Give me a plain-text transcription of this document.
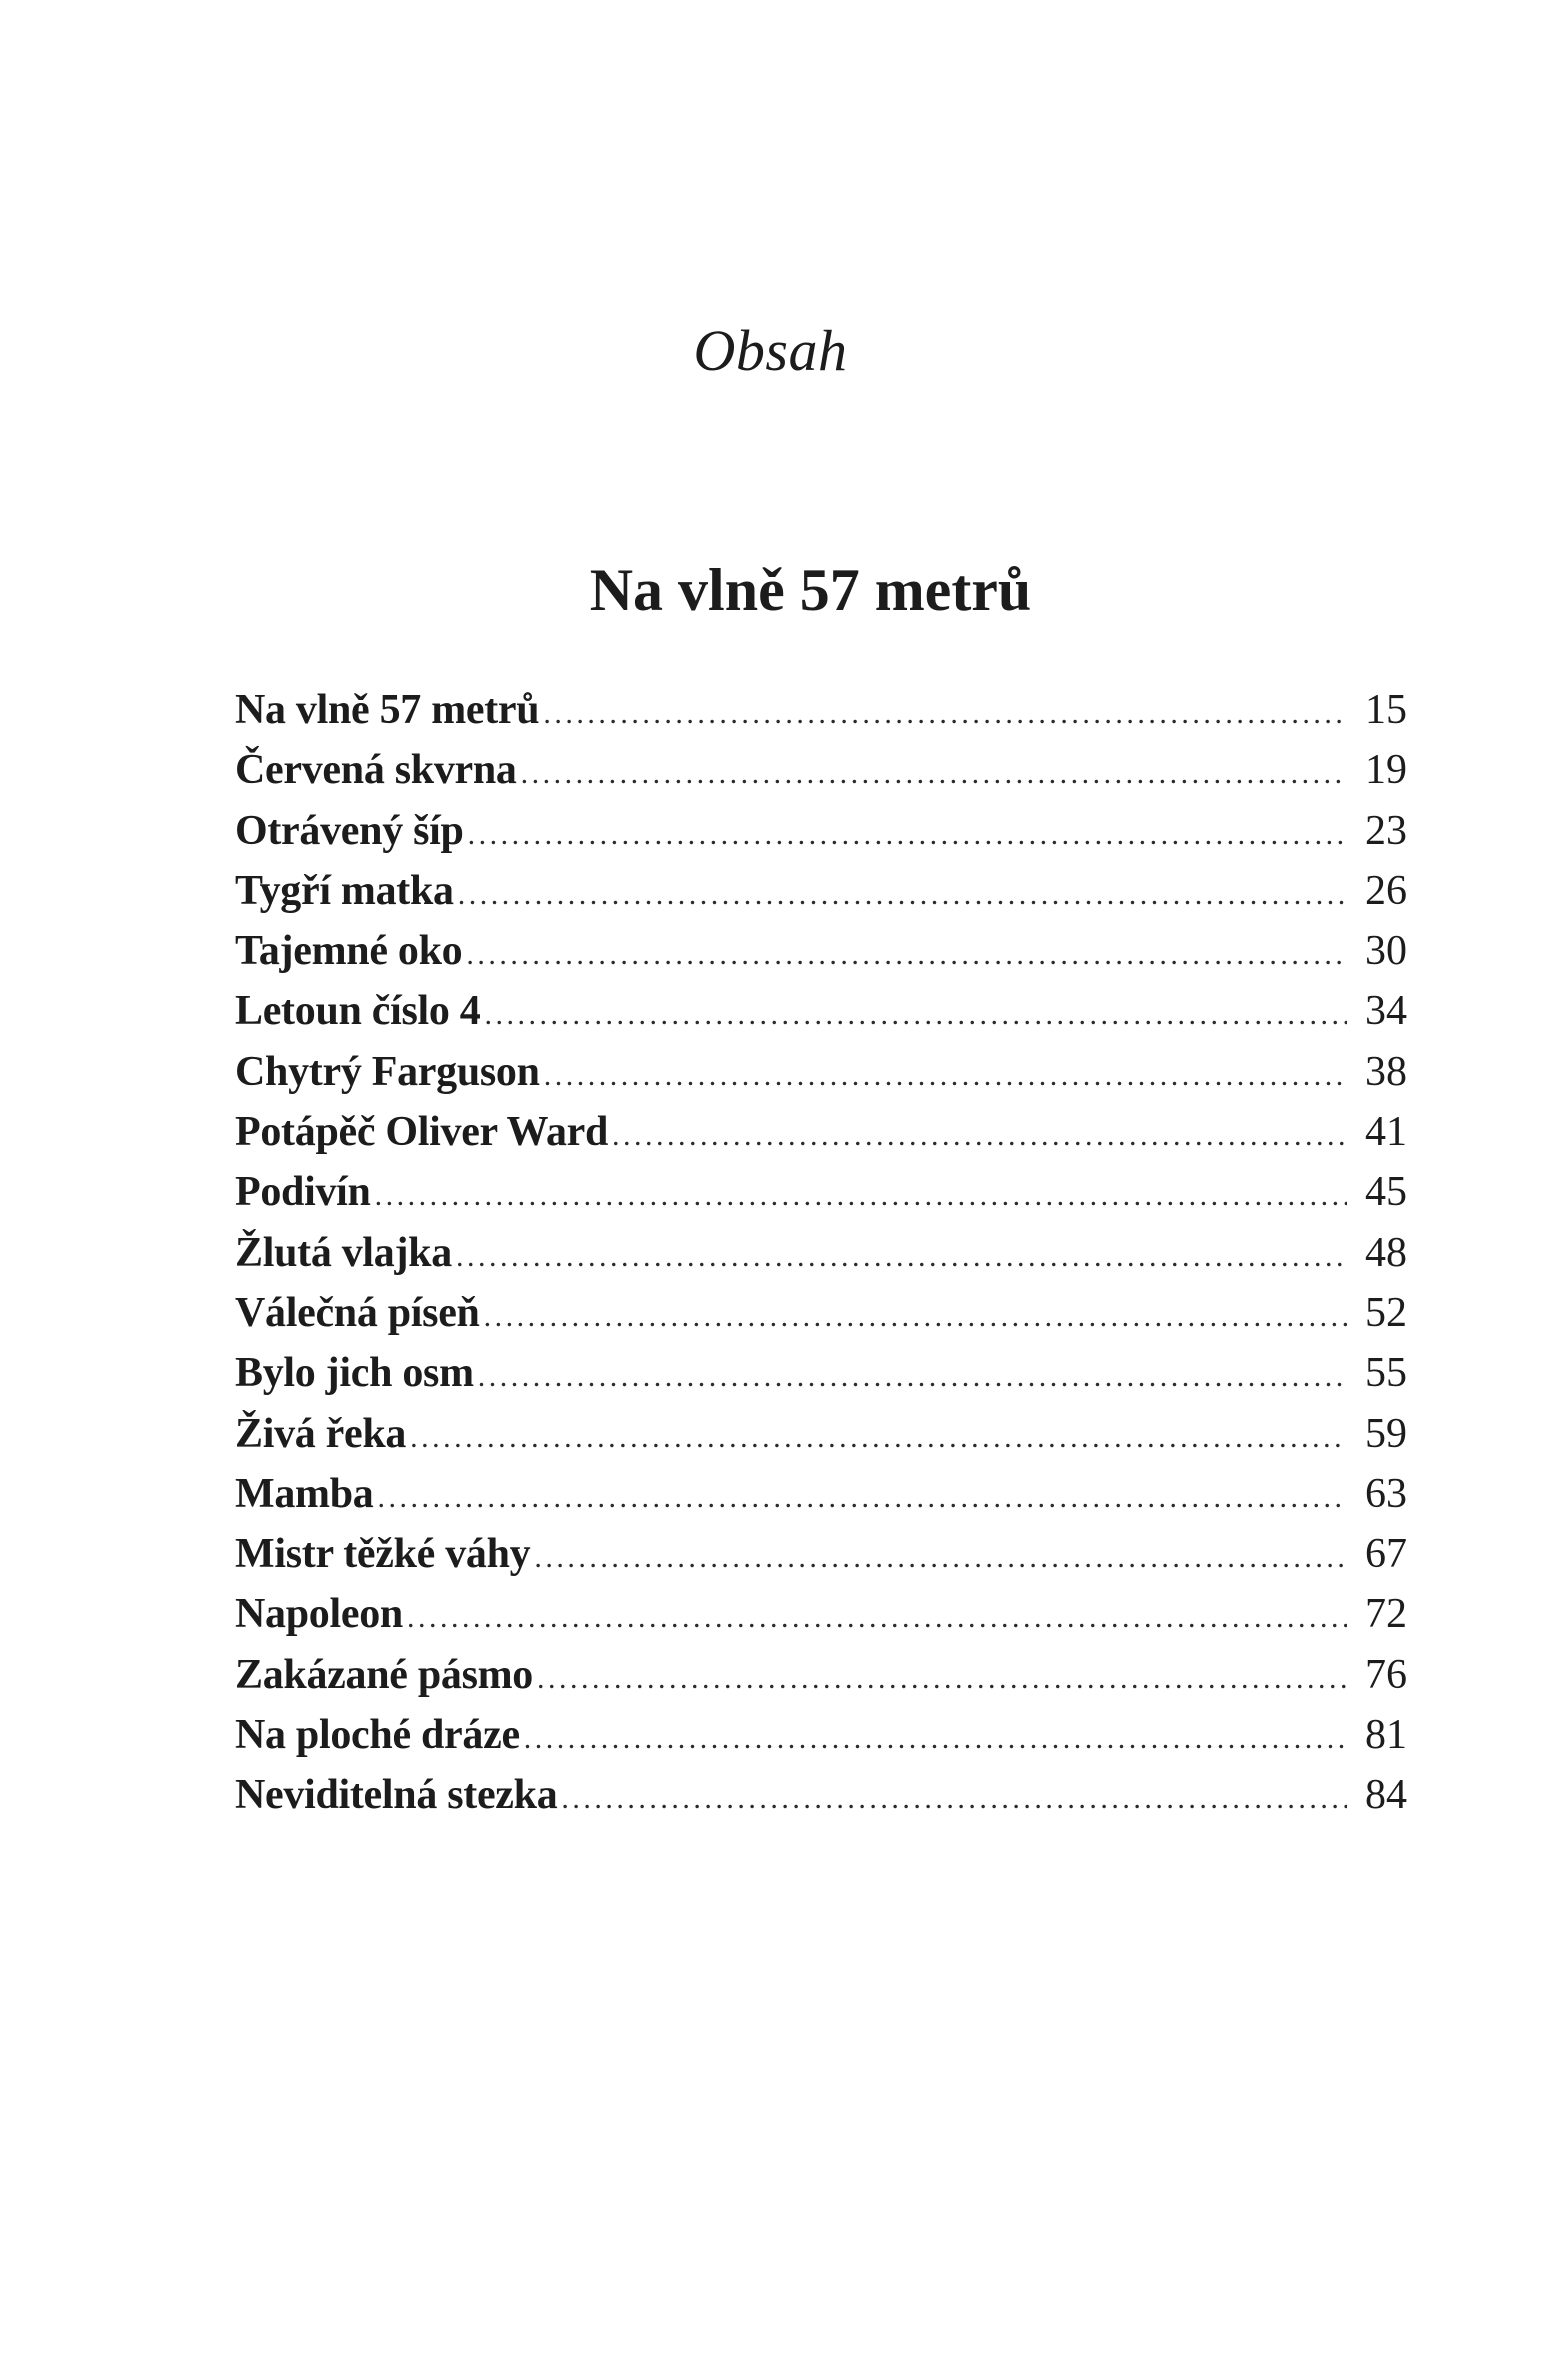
Obsah
Na vlně 57 metrů
Na vlně 57 metrů . . .	15
Červená skvrna . . .	19
Otrávený šíp . . .	23
Tygří matka . . .	26
Tajemné oko . . .	30
Letoun číslo 4 . . .	34
Chytrý Farguson . . .	38
Potápěč Oliver Ward . . .	41
Podivín . . .	45
Žlutá vlajka . . .	48
Válečná píseň . . .	52
Bylo jich osm . . .	55
Živá řeka . . .	59
Mamba . . .	63
Mistr těžké váhy . . .	67
Napoleon . . .	72
Zakázané pásmo . . .	76
Na ploché dráze . . .	81
Neviditelná stezka . . .	84
